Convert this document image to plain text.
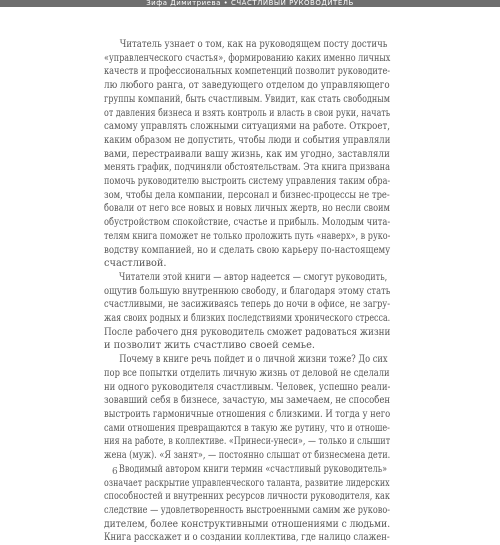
Зифа Димитриева • СЧАСТЛИВЫЙ РУКОВОДИТЕЛЬ

Читатель узнает о том, как на руководящем посту достичь
«управленческого счастья», формированию каких именно личных
качеств и профессиональных компетенций позволит руководите-
лю любого ранга, от заведующего отделом до управляющего
группы компаний, быть счастливым. Увидит, как стать свободным
от давления бизнеса и взять контроль и власть в свои руки, начать
самому управлять сложными ситуациями на работе. Откроет,
каким образом не допустить, чтобы люди и события управляли
вами, перестраивали вашу жизнь, как им угодно, заставляли
менять график, подчиняли обстоятельствам. Эта книга призвана
помочь руководителю выстроить систему управления таким обра-
зом, чтобы дела компании, персонал и бизнес-процессы не тре-
бовали от него все новых и новых личных жертв, но несли своим
обустройством спокойствие, счастье и прибыль. Молодым чита-
телям книга поможет не только проложить путь «наверх», в руко-
водству компанией, но и сделать свою карьеру по-настоящему
счастливой.

Читатели этой книги — автор надеется — смогут руководить,
ощутив большую внутреннюю свободу, и благодаря этому стать
счастливыми, не засиживаясь теперь до ночи в офисе, не загру-
жая своих родных и близких последствиями хронического стресса.
После рабочего дня руководитель сможет радоваться жизни
и позволит жить счастливо своей семье.

Почему в книге речь пойдет и о личной жизни тоже? До сих
пор все попытки отделить личную жизнь от деловой не сделали
ни одного руководителя счастливым. Человек, успешно реали-
зовавший себя в бизнесе, зачастую, мы замечаем, не способен
выстроить гармоничные отношения с близкими. И тогда у него
сами отношения превращаются в такую же рутину, что и отноше-
ния на работе, в коллективе. «Принеси-унеси», — только и слышит
жена (муж). «Я занят», — постоянно слышат от бизнесмена дети.

Вводимый автором книги термин «счастливый руководитель»
означает раскрытие управленческого таланта, развитие лидерских
способностей и внутренних ресурсов личности руководителя, как
следствие — удовлетворенность выстроенными самим же руково-
дителем, более конструктивными отношениями с людьми.
Книга расскажет и о создании коллектива, где налицо слажен-

6
